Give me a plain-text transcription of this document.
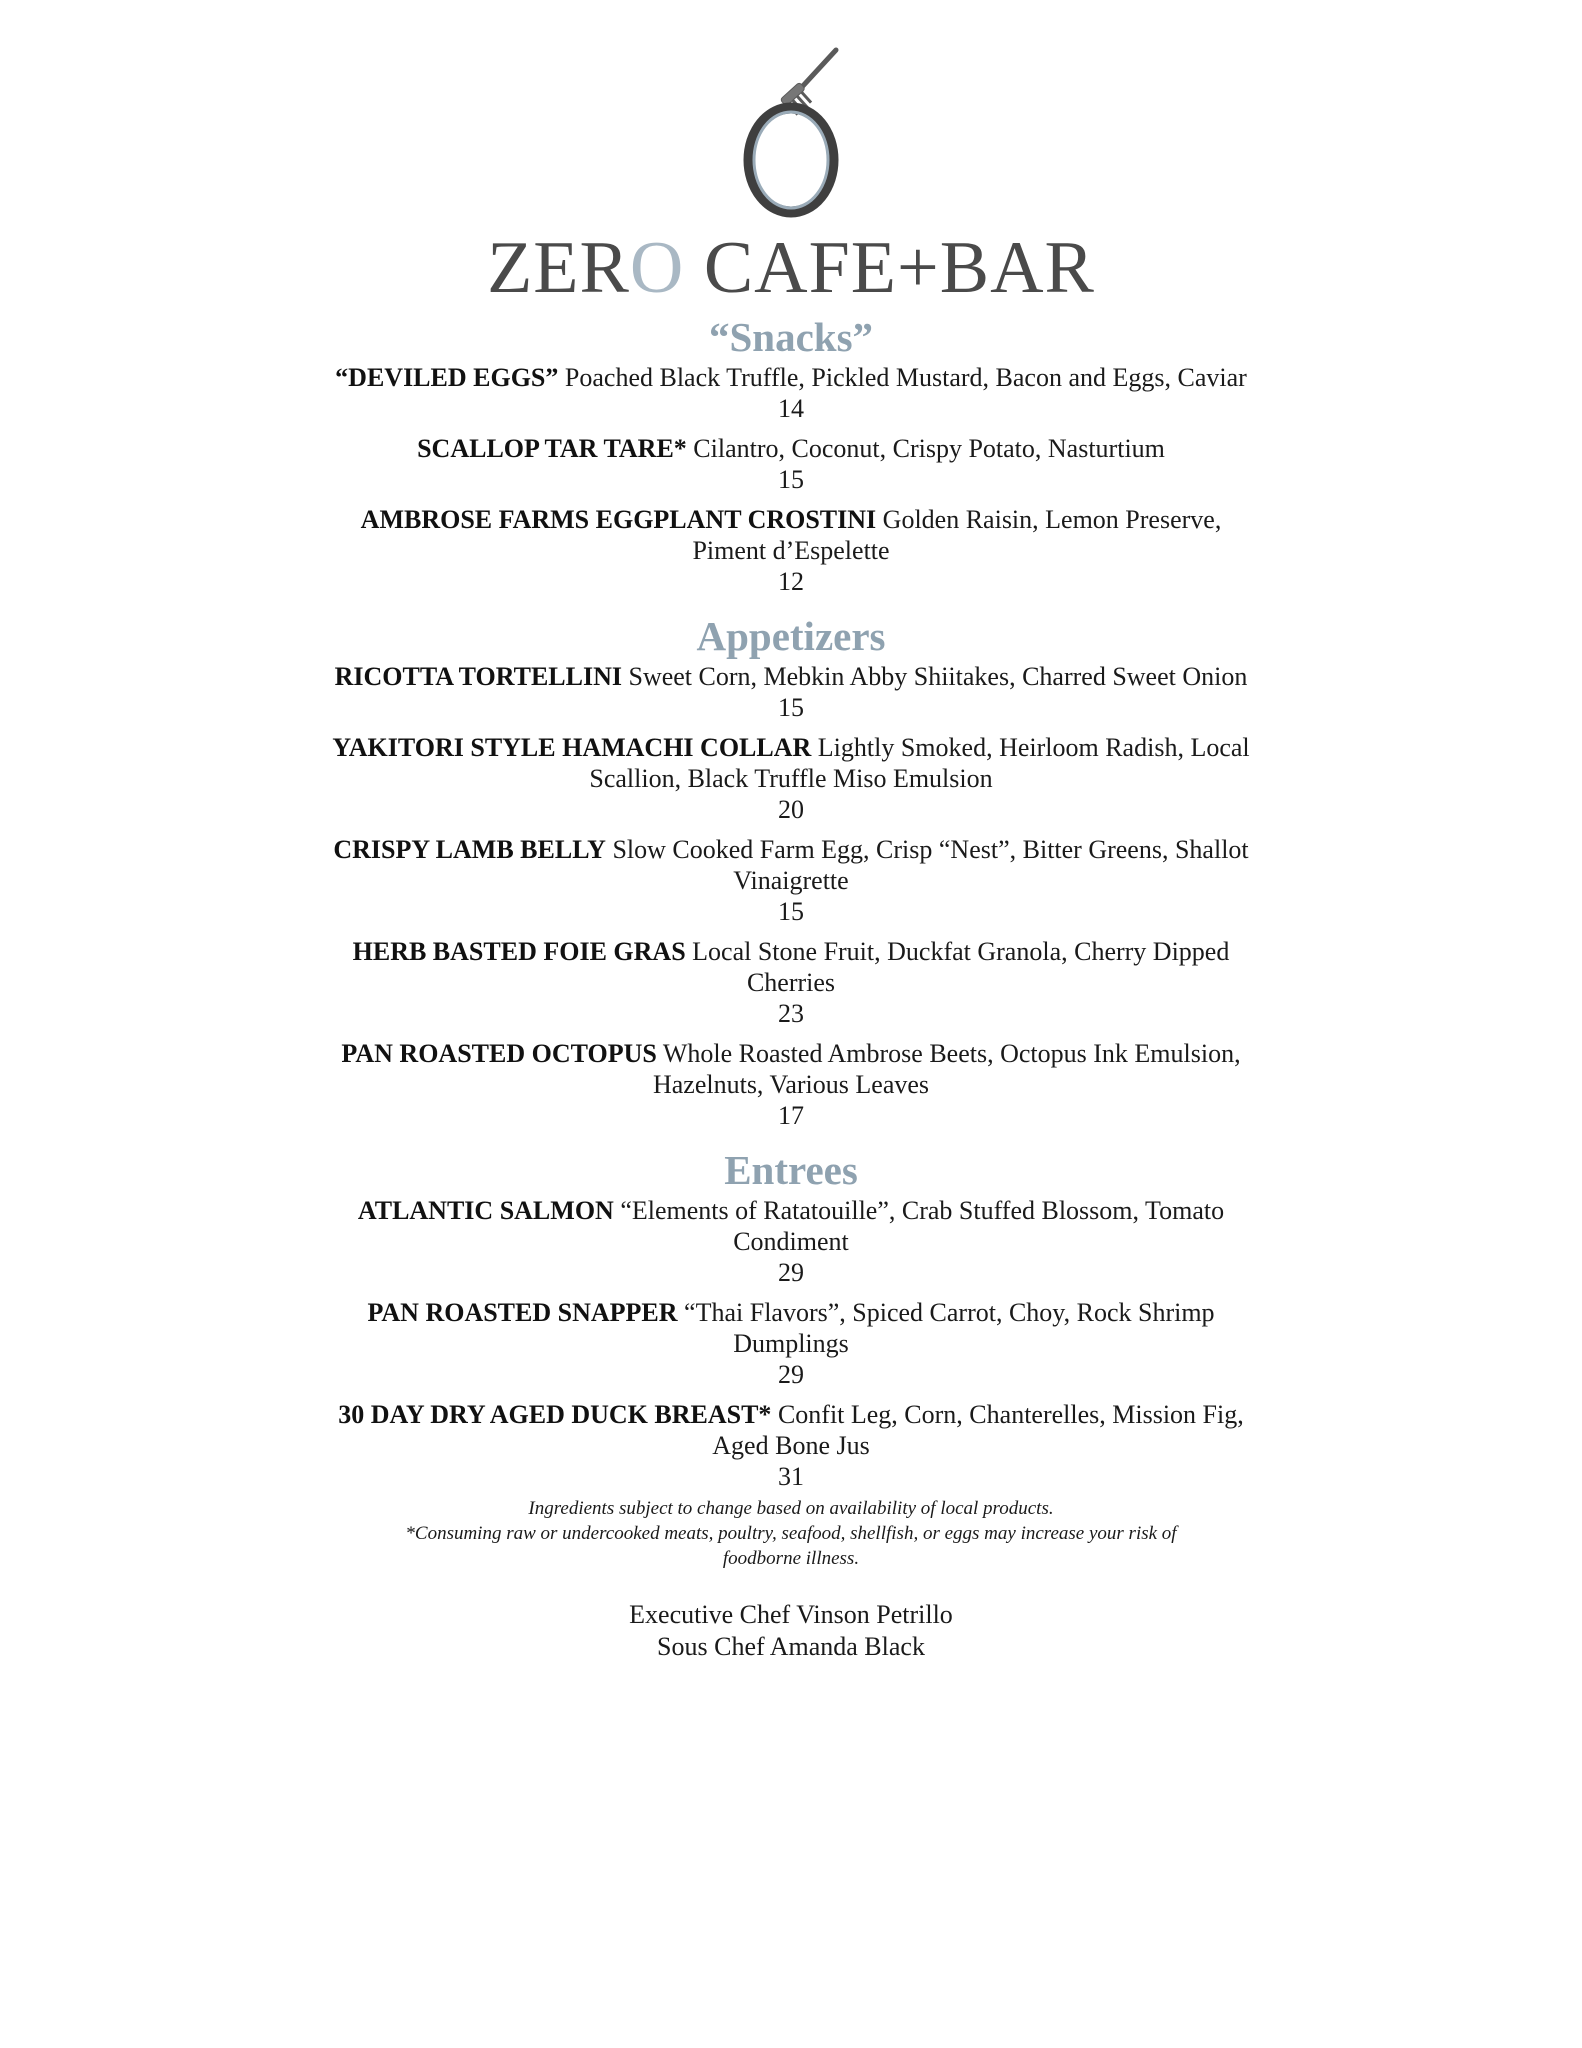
ZERO CAFE+BAR
“Snacks”
“DEVILED EGGS” Poached Black Truffle, Pickled Mustard, Bacon and Eggs, Caviar
14
SCALLOP TAR TARE* Cilantro, Coconut, Crispy Potato, Nasturtium
15
AMBROSE FARMS EGGPLANT CROSTINI Golden Raisin, Lemon Preserve, Piment d’Espelette
12
Appetizers
RICOTTA TORTELLINI Sweet Corn, Mebkin Abby Shiitakes, Charred Sweet Onion
15
YAKITORI STYLE HAMACHI COLLAR Lightly Smoked, Heirloom Radish, Local Scallion, Black Truffle Miso Emulsion
20
CRISPY LAMB BELLY Slow Cooked Farm Egg, Crisp “Nest”, Bitter Greens, Shallot Vinaigrette
15
HERB BASTED FOIE GRAS Local Stone Fruit, Duckfat Granola, Cherry Dipped Cherries
23
PAN ROASTED OCTOPUS Whole Roasted Ambrose Beets, Octopus Ink Emulsion, Hazelnuts, Various Leaves
17
Entrees
ATLANTIC SALMON “Elements of Ratatouille”, Crab Stuffed Blossom, Tomato Condiment
29
PAN ROASTED SNAPPER “Thai Flavors”, Spiced Carrot, Choy, Rock Shrimp Dumplings
29
30 DAY DRY AGED DUCK BREAST* Confit Leg, Corn, Chanterelles, Mission Fig, Aged Bone Jus
31
Ingredients subject to change based on availability of local products.
*Consuming raw or undercooked meats, poultry, seafood, shellfish, or eggs may increase your risk of foodborne illness.
Executive Chef Vinson Petrillo
Sous Chef Amanda Black
